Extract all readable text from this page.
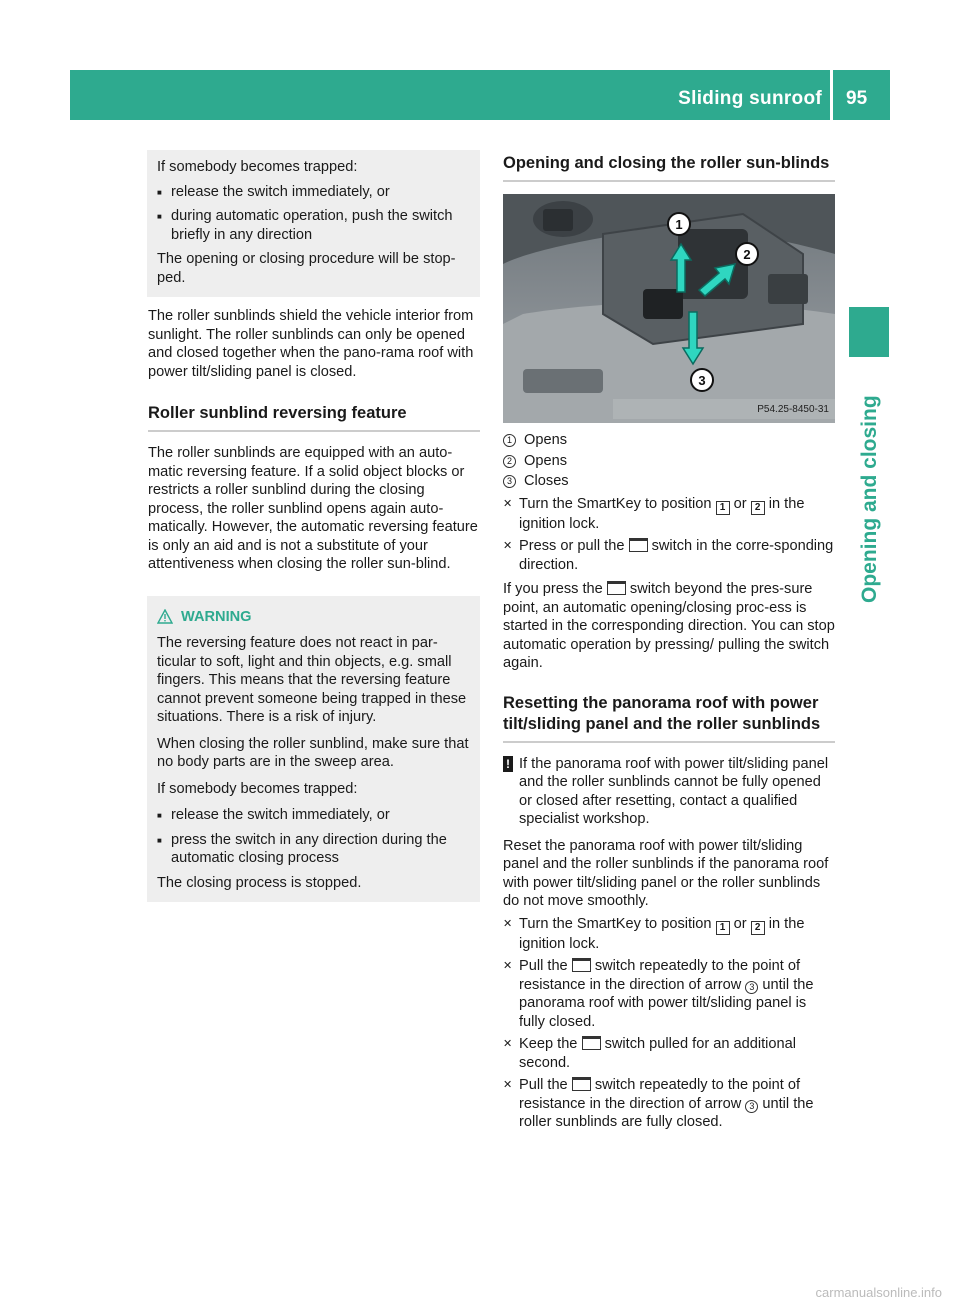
Sliding sunroof 95
Opening and closing

If somebody becomes trapped:

■ release the switch immediately, or
■ during automatic operation, push the switch briefly in any direction

The opening or closing procedure will be stop-ped.

The roller sunblinds shield the vehicle interior from sunlight. The roller sunblinds can only be opened and closed together when the pano-rama roof with power tilt/sliding panel is closed.

Roller sunblind reversing feature

The roller sunblinds are equipped with an auto-matic reversing feature. If a solid object blocks or restricts a roller sunblind during the closing process, the roller sunblind opens again auto-matically. However, the automatic reversing feature is only an aid and is not a substitute of your attentiveness when closing the roller sun-blind.

WARNING

The reversing feature does not react in par-ticular to soft, light and thin objects, e.g. small fingers. This means that the reversing feature cannot prevent someone being trapped in these situations. There is a risk of injury.

When closing the roller sunblind, make sure that no body parts are in the sweep area.

If somebody becomes trapped:

■ release the switch immediately, or
■ press the switch in any direction during the automatic closing process

The closing process is stopped.

Opening and closing the roller sun-blinds
1
2
3
P54.25-8450-31
1 Opens
2 Opens
3 Closes
✕ Turn the SmartKey to position 1 or 2 in the ignition lock.
✕ Press or pull the switch in the corre-sponding direction.

If you press the switch beyond the pres-sure point, an automatic opening/closing proc-ess is started in the corresponding direction. You can stop automatic operation by pressing/ pulling the switch again.

Resetting the panorama roof with power tilt/sliding panel and the roller sunblinds
! If the panorama roof with power tilt/sliding panel and the roller sunblinds cannot be fully opened or closed after resetting, contact a qualified specialist workshop.

Reset the panorama roof with power tilt/sliding panel and the roller sunblinds if the panorama roof with power tilt/sliding panel or the roller sunblinds do not move smoothly.

✕ Turn the SmartKey to position 1 or 2 in the ignition lock.
✕ Pull the switch repeatedly to the point of resistance in the direction of arrow 3 until the panorama roof with power tilt/sliding panel is fully closed.
✕ Keep the switch pulled for an additional second.
✕ Pull the switch repeatedly to the point of resistance in the direction of arrow 3 until the roller sunblinds are fully closed.
carmanualsonline.info
